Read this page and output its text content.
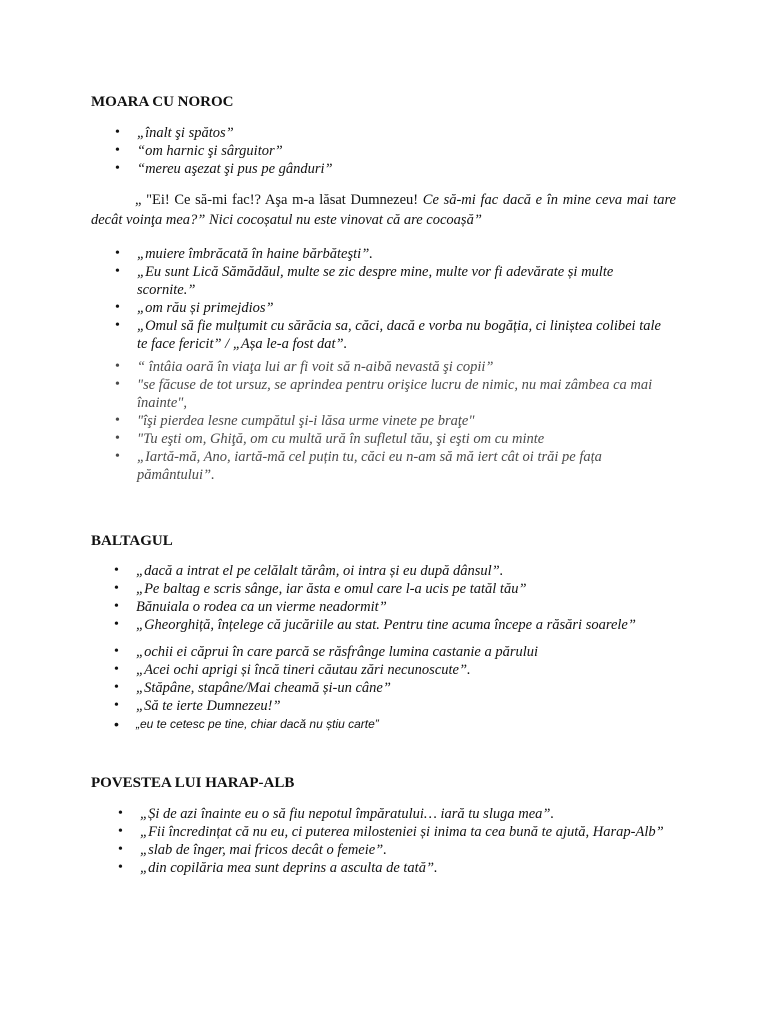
MOARA CU NOROC
• „înalt şi spătos”
• “om harnic şi sârguitor”
• “mereu aşezat şi pus pe gânduri”

„ "Ei! Ce să-mi fac!? Aşa m-a lăsat Dumnezeu! Ce să-mi fac dacă e în mine ceva mai tare decât voinţa mea?” Nici cocoșatul nu este vinovat că are cocoașă”

• „muiere îmbrăcată în haine bărbăteşti”.
• „Eu sunt Lică Sămădăul, multe se zic despre mine, multe vor fi adevărate și multe scornite.”
• „om rău și primejdios”
• „Omul să fie mulțumit cu sărăcia sa, căci, dacă e vorba nu bogăția, ci liniștea colibei tale te face fericit” / „Așa le-a fost dat”.
• “ întâia oară în viaţa lui ar fi voit să n-aibă nevastă şi copii”
• "se făcuse de tot ursuz, se aprindea pentru orişice lucru de nimic, nu mai zâmbea ca mai înainte",
• "îşi pierdea lesne cumpătul şi-i lăsa urme vinete pe braţe"
• "Tu eşti om, Ghiţă, om cu multă ură în sufletul tău, şi eşti om cu minte
• „Iartă-mă, Ano, iartă-mă cel puțin tu, căci eu n-am să mă iert cât oi trăi pe fața pământului”.
BALTAGUL
• „dacă a intrat el pe celălalt tărâm, oi intra și eu după dânsul”.
• „Pe baltag e scris sânge, iar ăsta e omul care l-a ucis pe tatăl tău”
• Bănuiala o rodea ca un vierme neadormit”
• „Gheorghiță, înțelege că jucăriile au stat. Pentru tine acuma începe a răsări soarele”
• „ochii ei căprui în care parcă se răsfrânge lumina castanie a părului
• „Acei ochi aprigi și încă tineri căutau zări necunoscute”.
• „Stăpâne, stapâne/Mai cheamă și-un câne”
• „Să te ierte Dumnezeu!”
• „eu te cetesc pe tine, chiar dacă nu știu carte”
POVESTEA LUI HARAP-ALB
• „Și de azi înainte eu o să fiu nepotul împăratului… iară tu sluga mea”.
• „Fii încredințat că nu eu, ci puterea milosteniei și inima ta cea bună te ajută, Harap-Alb”
• „slab de înger, mai fricos decât o femeie”.
• „din copilăria mea sunt deprins a asculta de tată”.
